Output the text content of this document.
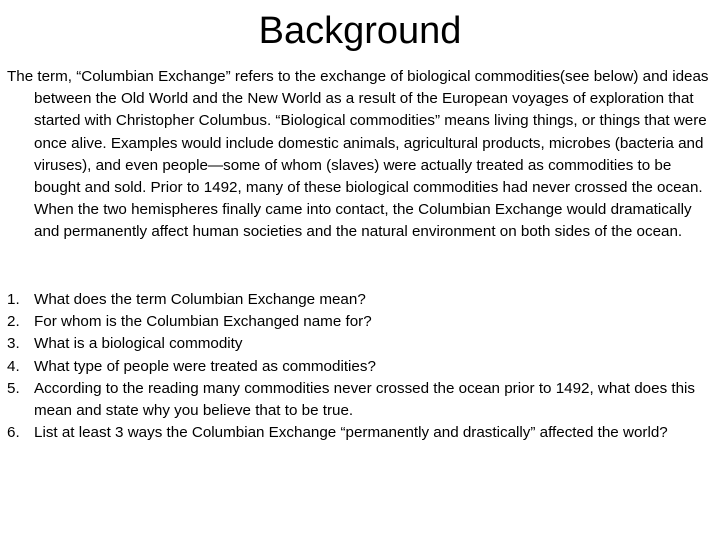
Background

The term, “Columbian Exchange” refers to the exchange of biological commodities(see below) and ideas between the Old World and the New World as a result of the European voyages of exploration that started with Christopher Columbus. “Biological commodities” means living things, or things that were once alive. Examples would include domestic animals, agricultural products, microbes (bacteria and viruses), and even people—some of whom (slaves) were actually treated as commodities to be bought and sold. Prior to 1492, many of these biological commodities had never crossed the ocean. When the two hemispheres finally came into contact, the Columbian Exchange would dramatically and permanently affect human societies and the natural environment on both sides of the ocean.

1. What does the term Columbian Exchange mean?
2. For whom is the Columbian Exchanged name for?
3. What is a biological commodity
4. What type of people were treated as commodities?
5. According to the reading many commodities never crossed the ocean prior to 1492, what does this mean and state why you believe that to be true.
6. List at least 3 ways the Columbian Exchange “permanently and drastically” affected the world?
